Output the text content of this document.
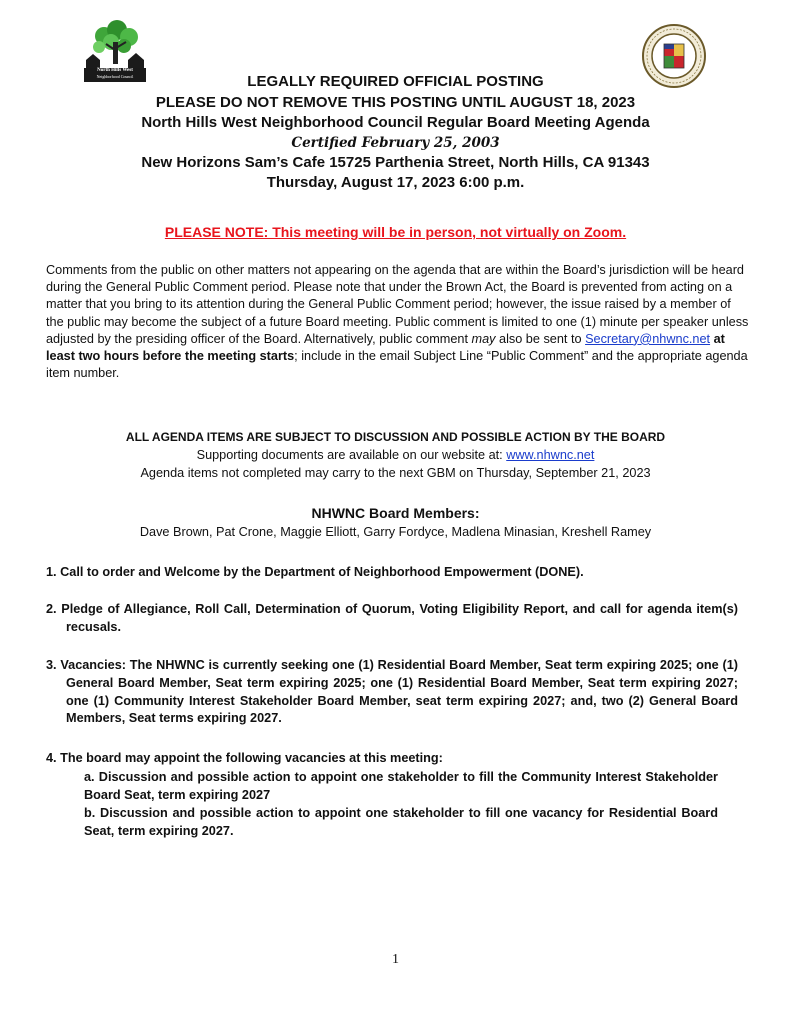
North Hills West
Neighborhood Council	LEGALLY REQUIRED OFFICIAL POSTING
PLEASE DO NOT REMOVE THIS POSTING UNTIL AUGUST 18, 2023
North Hills West Neighborhood Council Regular Board Meeting Agenda
Certified February 25, 2003
New Horizons Sam’s Cafe 15725 Parthenia Street, North Hills, CA 91343
Thursday, August 17, 2023 6:00 p.m.
PLEASE NOTE: This meeting will be in person, not virtually on Zoom.
Comments from the public on other matters not appearing on the agenda that are within the Board’s jurisdiction will be heard during the General Public Comment period. Please note that under the Brown Act, the Board is prevented from acting on a matter that you bring to its attention during the General Public Comment period; however, the issue raised by a member of the public may become the subject of a future Board meeting. Public comment is limited to one (1) minute per speaker unless adjusted by the presiding officer of the Board. Alternatively, public comment may also be sent to Secretary@nhwnc.net at least two hours before the meeting starts; include in the email Subject Line “Public Comment” and the appropriate agenda item number.
ALL AGENDA ITEMS ARE SUBJECT TO DISCUSSION AND POSSIBLE ACTION BY THE BOARD
Supporting documents are available on our website at: www.nhwnc.net
Agenda items not completed may carry to the next GBM on Thursday, September 21, 2023
NHWNC Board Members:
Dave Brown, Pat Crone, Maggie Elliott, Garry Fordyce, Madlena Minasian, Kreshell Ramey
1. Call to order and Welcome by the Department of Neighborhood Empowerment (DONE).
2. Pledge of Allegiance, Roll Call, Determination of Quorum, Voting Eligibility Report, and call for agenda item(s) recusals.
3. Vacancies: The NHWNC is currently seeking one (1) Residential Board Member, Seat term expiring 2025; one (1) General Board Member, Seat term expiring 2025; one (1) Residential Board Member, Seat term expiring 2027; one (1) Community Interest Stakeholder Board Member, seat term expiring 2027; and, two (2) General Board Members, Seat terms expiring 2027.
4. The board may appoint the following vacancies at this meeting:
a. Discussion and possible action to appoint one stakeholder to fill the Community Interest Stakeholder Board Seat, term expiring 2027
b. Discussion and possible action to appoint one stakeholder to fill one vacancy for Residential Board Seat, term expiring 2027.
1
